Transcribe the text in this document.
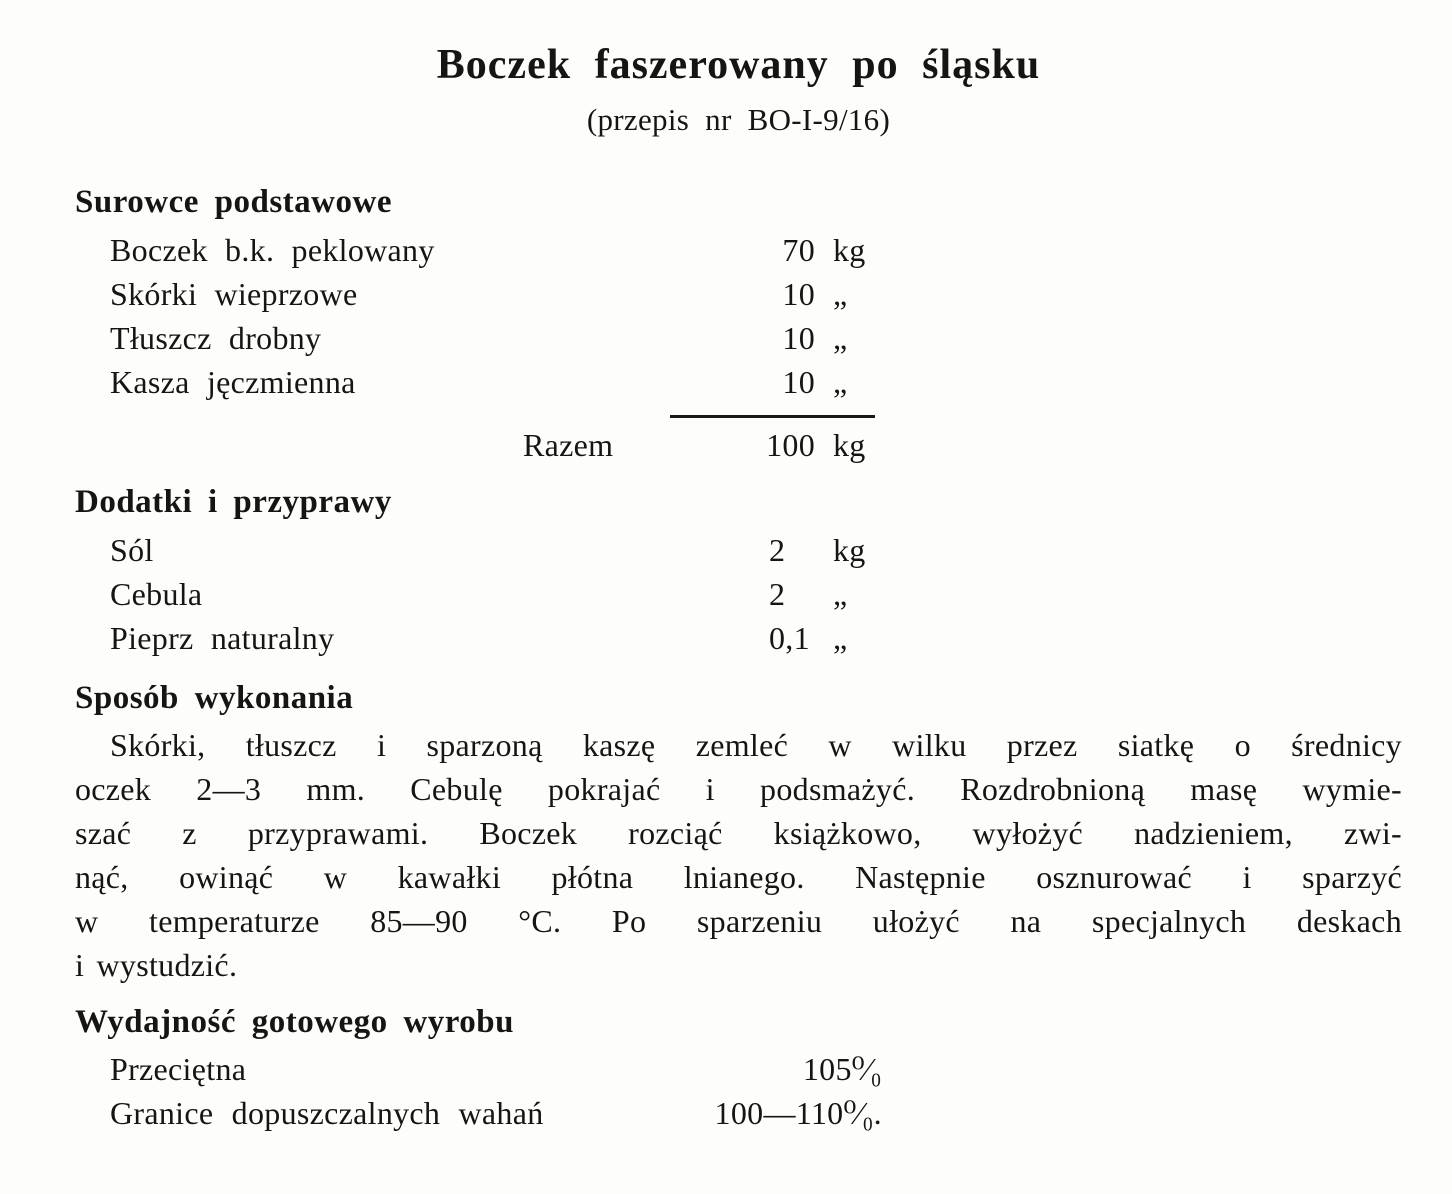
Boczek faszerowany po śląsku
(przepis nr BO-I-9/16)
Surowce podstawowe
Boczek b.k. peklowany	70 kg
Skórki wieprzowe	10 „
Tłuszcz drobny	10 „
Kasza jęczmienna	10 „
Razem	100 kg
Dodatki i przyprawy
Sól	2 kg
Cebula	2 „
Pieprz naturalny	0,1 „
Sposób wykonania
Skórki, tłuszcz i sparzoną kaszę zemleć w wilku przez siatkę o średnicy
oczek 2—3 mm. Cebulę pokrajać i podsmażyć. Rozdrobnioną masę wymie-
szać z przyprawami. Boczek rozciąć książkowo, wyłożyć nadzieniem, zwi-
nąć, owinąć w kawałki płótna lnianego. Następnie osznurować i sparzyć
w temperaturze 85—90 °C. Po sparzeniu ułożyć na specjalnych deskach
i wystudzić.
Wydajność gotowego wyrobu
Przeciętna	105⁰⁄₀
Granice dopuszczalnych wahań	100—110⁰⁄₀.
